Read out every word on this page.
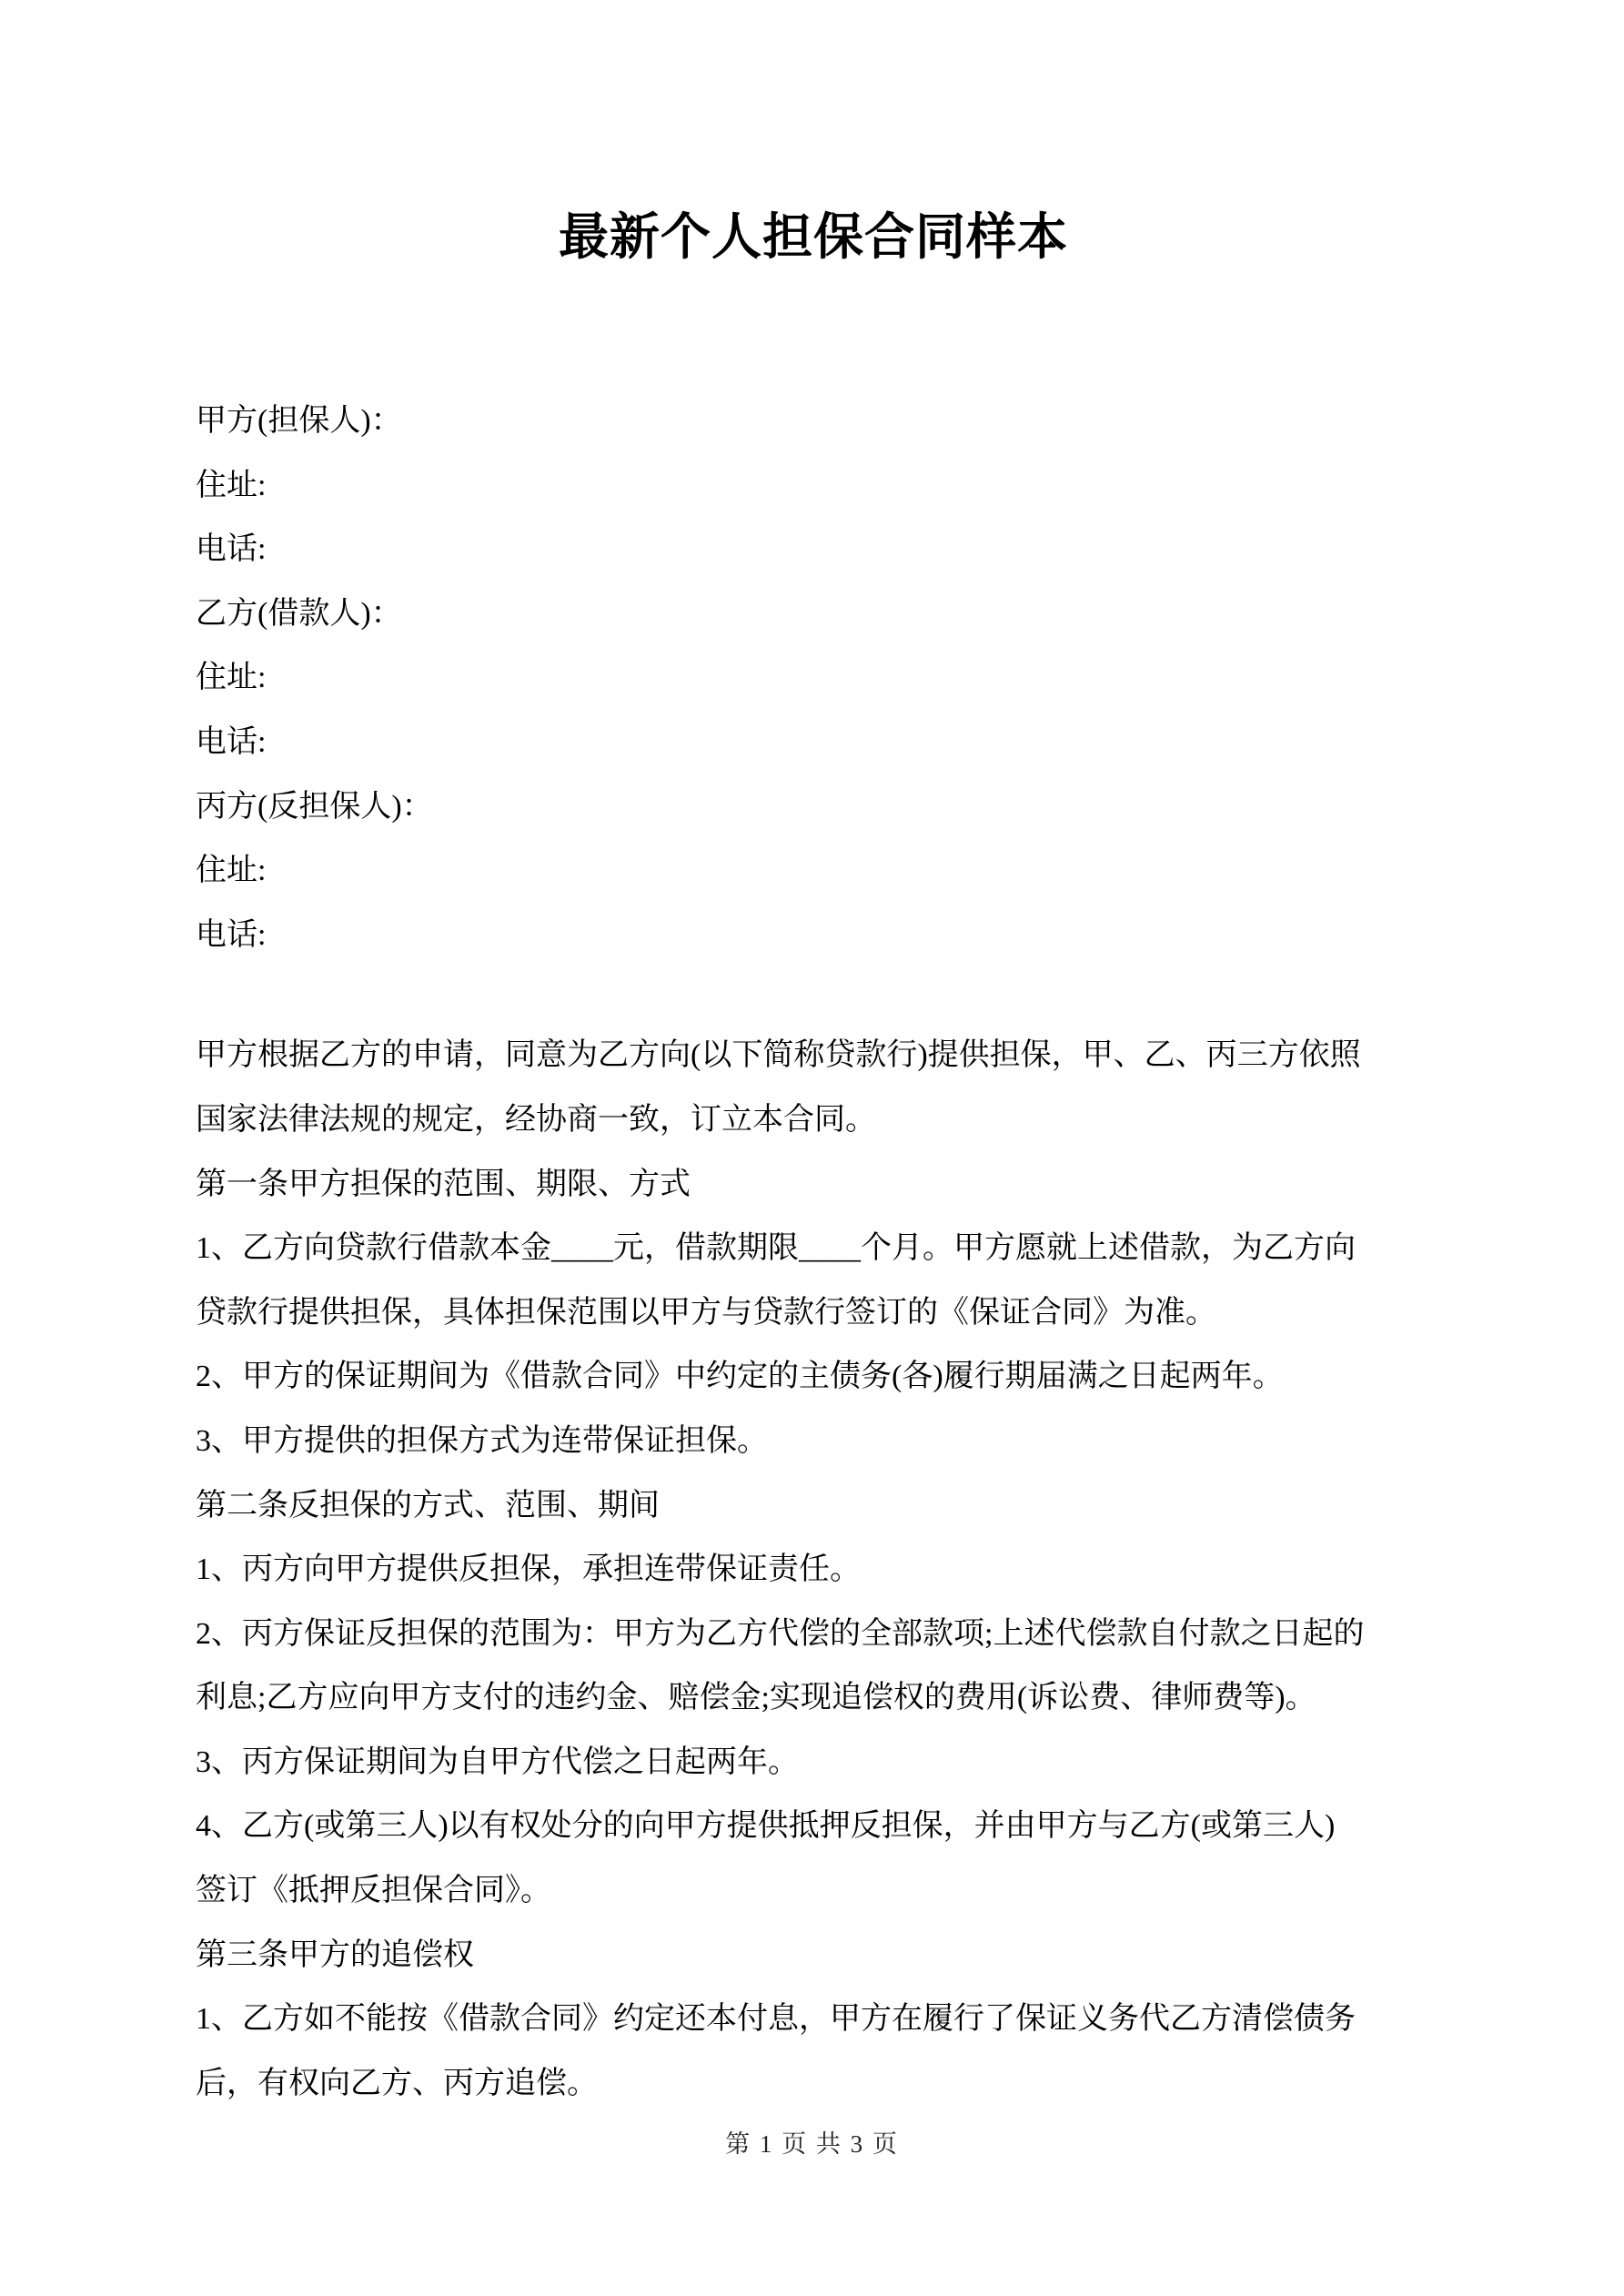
最新个人担保合同样本
甲方(担保人)：
住址:
电话:
乙方(借款人)：
住址:
电话:
丙方(反担保人)：
住址:
电话:
甲方根据乙方的申请，同意为乙方向(以下简称贷款行)提供担保，甲、乙、丙三方依照
国家法律法规的规定，经协商一致，订立本合同。
第一条甲方担保的范围、期限、方式
1、乙方向贷款行借款本金____元，借款期限____个月。甲方愿就上述借款，为乙方向
贷款行提供担保，具体担保范围以甲方与贷款行签订的《保证合同》为准。
2、甲方的保证期间为《借款合同》中约定的主债务(各)履行期届满之日起两年。
3、甲方提供的担保方式为连带保证担保。
第二条反担保的方式、范围、期间
1、丙方向甲方提供反担保，承担连带保证责任。
2、丙方保证反担保的范围为：甲方为乙方代偿的全部款项;上述代偿款自付款之日起的
利息;乙方应向甲方支付的违约金、赔偿金;实现追偿权的费用(诉讼费、律师费等)。
3、丙方保证期间为自甲方代偿之日起两年。
4、乙方(或第三人)以有权处分的向甲方提供抵押反担保，并由甲方与乙方(或第三人)
签订《抵押反担保合同》。
第三条甲方的追偿权
1、乙方如不能按《借款合同》约定还本付息，甲方在履行了保证义务代乙方清偿债务
后，有权向乙方、丙方追偿。
第 1 页 共 3 页
